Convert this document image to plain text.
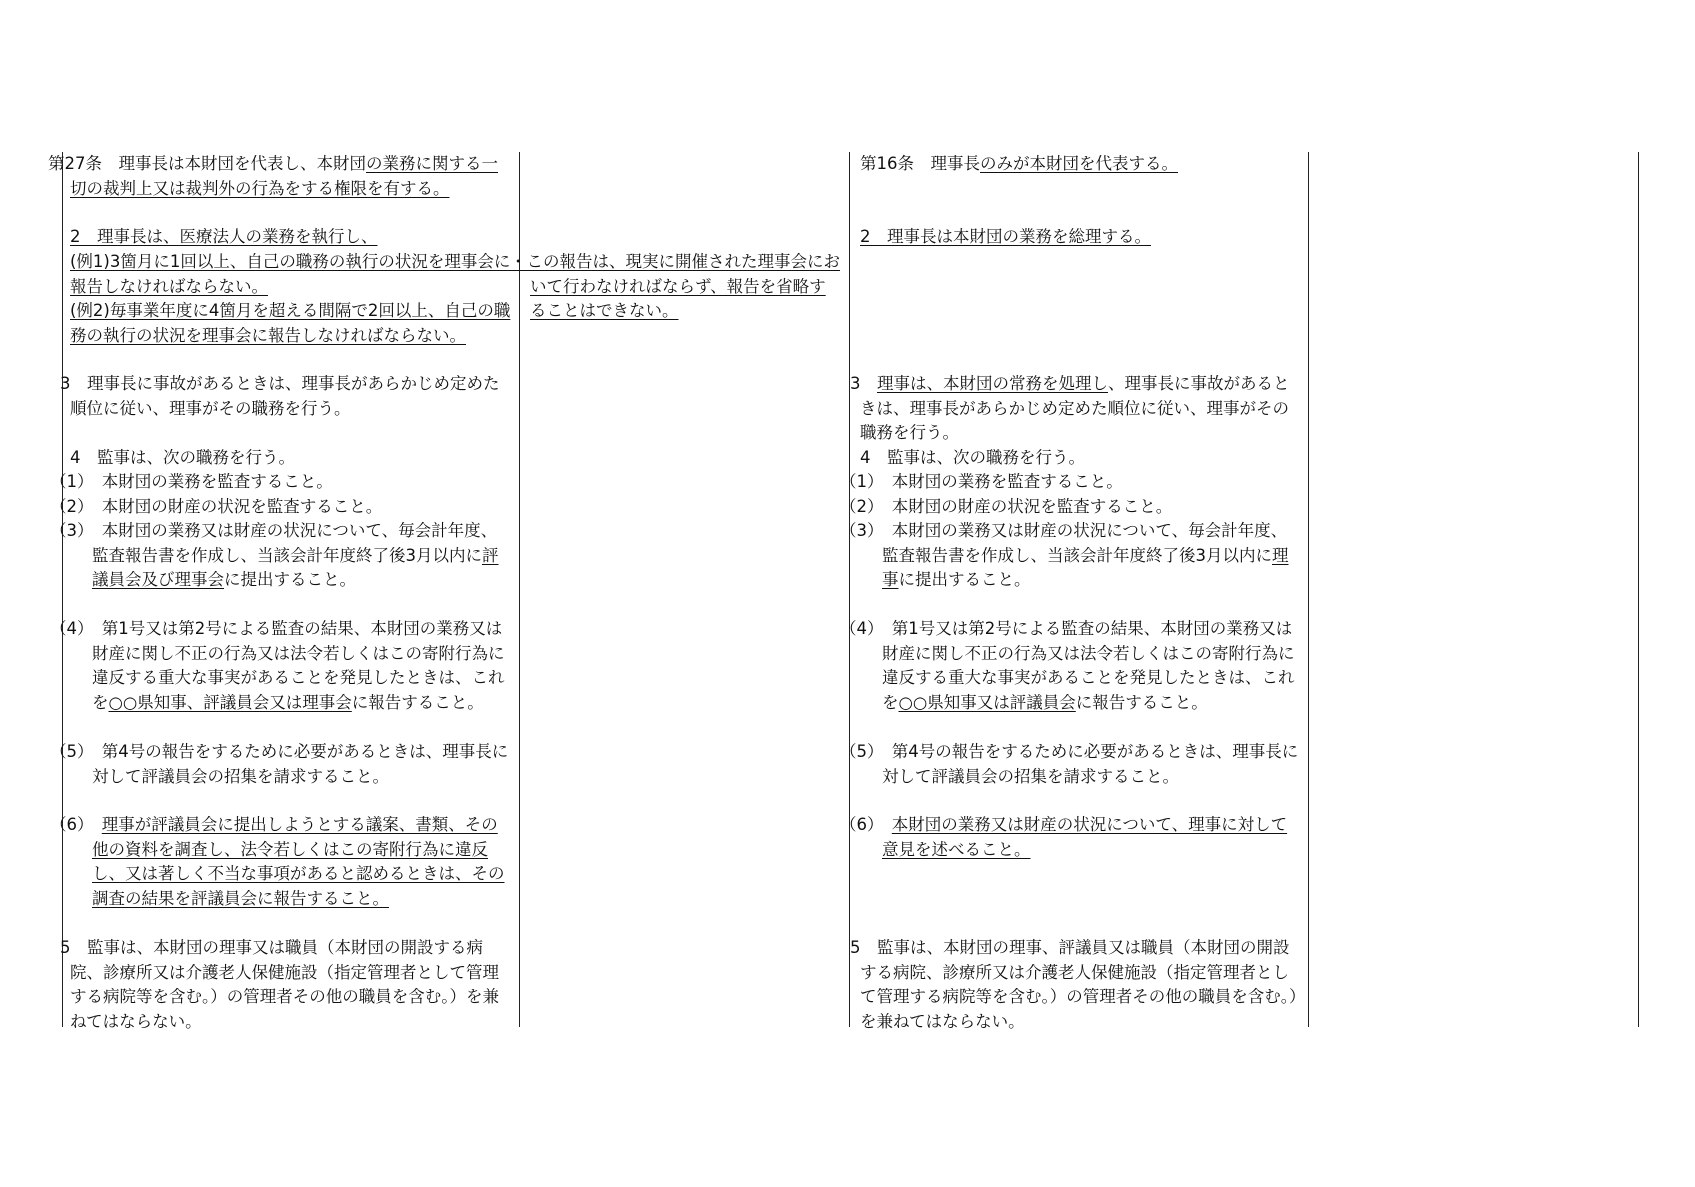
第27条　理事長は本財団を代表し、本財団の業務に関する一切の裁判上又は裁判外の行為をする権限を有する。

2　理事長は、医療法人の業務を執行し、

(例1)3箇月に1回以上、自己の職務の執行の状況を理事会に報告しなければならない。

(例2)毎事業年度に4箇月を超える間隔で2回以上、自己の職務の執行の状況を理事会に報告しなければならない。

3　理事長に事故があるときは、理事長があらかじめ定めた順位に従い、理事がその職務を行う。

4　監事は、次の職務を行う。

（1）　本財団の業務を監査すること。

（2）　本財団の財産の状況を監査すること。

（3）　本財団の業務又は財産の状況について、毎会計年度、監査報告書を作成し、当該会計年度終了後3月以内に評議員会及び理事会に提出すること。

（4）　第1号又は第2号による監査の結果、本財団の業務又は財産に関し不正の行為又は法令若しくはこの寄附行為に違反する重大な事実があることを発見したときは、これを○○県知事、評議員会又は理事会に報告すること。

（5）　第4号の報告をするために必要があるときは、理事長に対して評議員会の招集を請求すること。

（6）　理事が評議員会に提出しようとする議案、書類、その他の資料を調査し、法令若しくはこの寄附行為に違反し、又は著しく不当な事項があると認めるときは、その調査の結果を評議員会に報告すること。

5　監事は、本財団の理事又は職員（本財団の開設する病院、診療所又は介護老人保健施設（指定管理者として管理する病院等を含む。）の管理者その他の職員を含む。）を兼ねてはならない。

・この報告は、現実に開催された理事会において行わなければならず、報告を省略することはできない。

第16条　理事長のみが本財団を代表する。

2　理事長は本財団の業務を総理する。

3　理事は、本財団の常務を処理し、理事長に事故があるときは、理事長があらかじめ定めた順位に従い、理事がその職務を行う。

4　監事は、次の職務を行う。

（1）　本財団の業務を監査すること。

（2）　本財団の財産の状況を監査すること。

（3）　本財団の業務又は財産の状況について、毎会計年度、監査報告書を作成し、当該会計年度終了後3月以内に理事に提出すること。

（4）　第1号又は第2号による監査の結果、本財団の業務又は財産に関し不正の行為又は法令若しくはこの寄附行為に違反する重大な事実があることを発見したときは、これを○○県知事又は評議員会に報告すること。

（5）　第4号の報告をするために必要があるときは、理事長に対して評議員会の招集を請求すること。

（6）　本財団の業務又は財産の状況について、理事に対して意見を述べること。

5　監事は、本財団の理事、評議員又は職員（本財団の開設する病院、診療所又は介護老人保健施設（指定管理者として管理する病院等を含む。）の管理者その他の職員を含む。）を兼ねてはならない。
